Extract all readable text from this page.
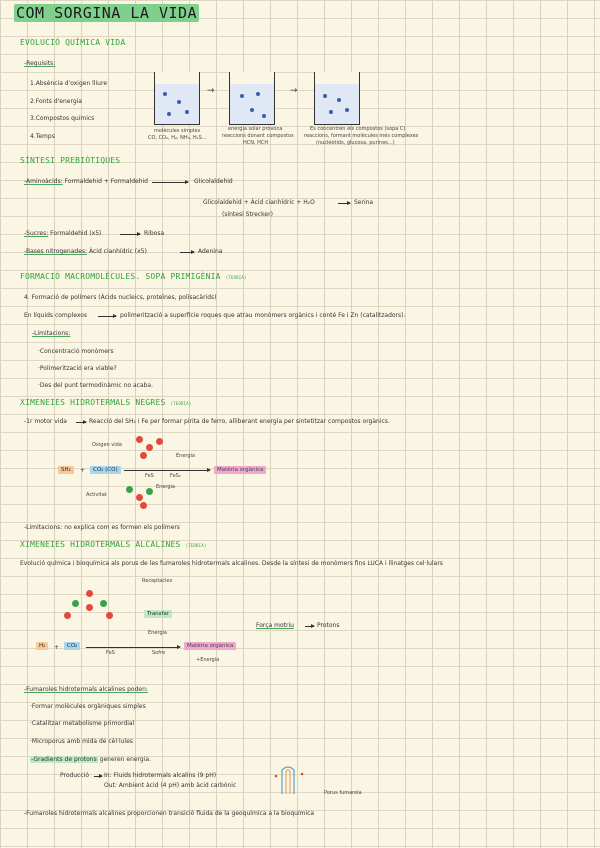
COM SORGINA LA VIDA
EVOLUCIÓ QUÍMICA VIDA
-Requisits:
1.Absència d'oxigen lliure
2.Fonts d'energia
3.Compostos químics
4.Temps
→	→
molècules simples
CO, CO₂, H₂, NH₃, H₂S...
energia solar provoca
reaccions donant compostos
HCN, HCH
Es concentren els compostos (sopa C)
reaccions, formant molècules més complexes
(nucleòtids, glucosa, purines...)
SÍNTESI PREBIÒTIQUES
-Aminoàcids: Formaldehid + Formaldehid → Glicolaldehid
Glicolaldehid + Àcid cianhídric + H₂O → Serina
(síntesi Strecker)
-Sucres: Formaldehid (x5) → Ribosa
-Bases nitrogenades: Àcid cianhídric (x5) → Adenina
FORMACIÓ MACROMOLÈCULES. SOPA PRIMIGÈNIA (TEORIA)
4. Formació de polímers (Àcids nucleics, proteïnes, polisacàrids)
En líquids complexos → polimerització a superfície roques que atrau monòmers orgànics i conté Fe i Zn (catalitzadors).
-Limitacions:
·Concentració monòmers
·Polimerització era viable?
·Des del punt termodinàmic no acaba.
XIMENEIES HIDROTERMALS NEGRES (TEORIA)
-1r motor vida → Reacció del SH₂ i Fe per formar pirita de ferro, alliberant energia per sintetitzar compostos orgànics.
Oxigen vida
Energia
SH₂	+	CO₂ (CO)
FeS	FeS₂
Matèria orgànica
Energia
Activitat
-Limitacions: no explica com es formen els polímers
XIMENEIES HIDROTERMALS ALCALINES (TEORIA)
Evolució química i bioquímica als porus de les fumaroles hidrotermals alcalines. Desde la síntesi de monòmers fins LUCA i llinatges cel·lulars
Receptacles
Transfer
Energia
H₂	+	CO₂
FeS	Sofre
Matèria orgànica
+Energia
Força motriu	Protons
-Fumaroles hidrotermals alcalines poden:
·Formar molècules orgàniques simples
·Catalitzar metabolisme primordial
·Microporus amb mida de cèl·lules
-Gradients de protons generen energia.
Producció In: Fluids hidrotermals alcalins (9 pH)
Out: Ambient àcid (4 pH) amb àcid carbònic
Porus fumarola
-Fumaroles hidrotermals alcalines proporcionen transició fluida de la geoquímica a la bioquímica
